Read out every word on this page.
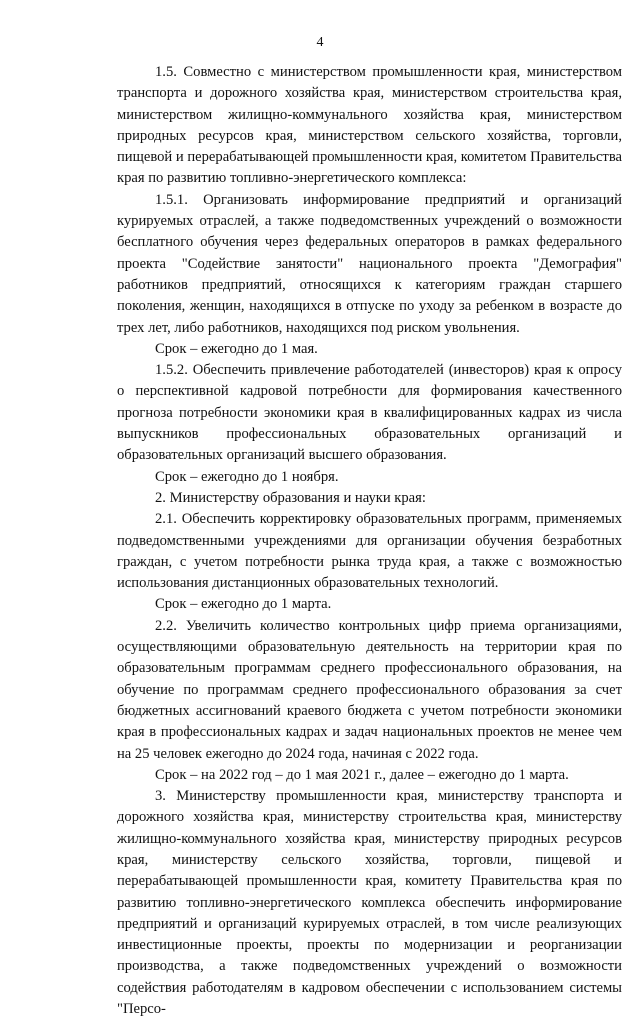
4

1.5. Совместно с министерством промышленности края, министерством транспорта и дорожного хозяйства края, министерством строительства края, министерством жилищно-коммунального хозяйства края, министерством природных ресурсов края, министерством сельского хозяйства, торговли, пищевой и перерабатывающей промышленности края, комитетом Правительства края по развитию топливно-энергетического комплекса:

1.5.1. Организовать информирование предприятий и организаций курируемых отраслей, а также подведомственных учреждений о возможности бесплатного обучения через федеральных операторов в рамках федерального проекта "Содействие занятости" национального проекта "Демография" работников предприятий, относящихся к категориям граждан старшего поколения, женщин, находящихся в отпуске по уходу за ребенком в возрасте до трех лет, либо работников, находящихся под риском увольнения.

Срок – ежегодно до 1 мая.

1.5.2. Обеспечить привлечение работодателей (инвесторов) края к опросу о перспективной кадровой потребности для формирования качественного прогноза потребности экономики края в квалифицированных кадрах из числа выпускников профессиональных образовательных организаций и образовательных организаций высшего образования.

Срок – ежегодно до 1 ноября.

2. Министерству образования и науки края:

2.1. Обеспечить корректировку образовательных программ, применяемых подведомственными учреждениями для организации обучения безработных граждан, с учетом потребности рынка труда края, а также с возможностью использования дистанционных образовательных технологий.

Срок – ежегодно до 1 марта.

2.2. Увеличить количество контрольных цифр приема организациями, осуществляющими образовательную деятельность на территории края по образовательным программам среднего профессионального образования, на обучение по программам среднего профессионального образования за счет бюджетных ассигнований краевого бюджета с учетом потребности экономики края в профессиональных кадрах и задач национальных проектов не менее чем на 25 человек ежегодно до 2024 года, начиная с 2022 года.

Срок – на 2022 год – до 1 мая 2021 г., далее – ежегодно до 1 марта.

3. Министерству промышленности края, министерству транспорта и дорожного хозяйства края, министерству строительства края, министерству жилищно-коммунального хозяйства края, министерству природных ресурсов края, министерству сельского хозяйства, торговли, пищевой и перерабатывающей промышленности края, комитету Правительства края по развитию топливно-энергетического комплекса обеспечить информирование предприятий и организаций курируемых отраслей, в том числе реализующих инвестиционные проекты, проекты по модернизации и реорганизации производства, а также подведомственных учреждений о возможности содействия работодателям в кадровом обеспечении с использованием системы "Персо-
